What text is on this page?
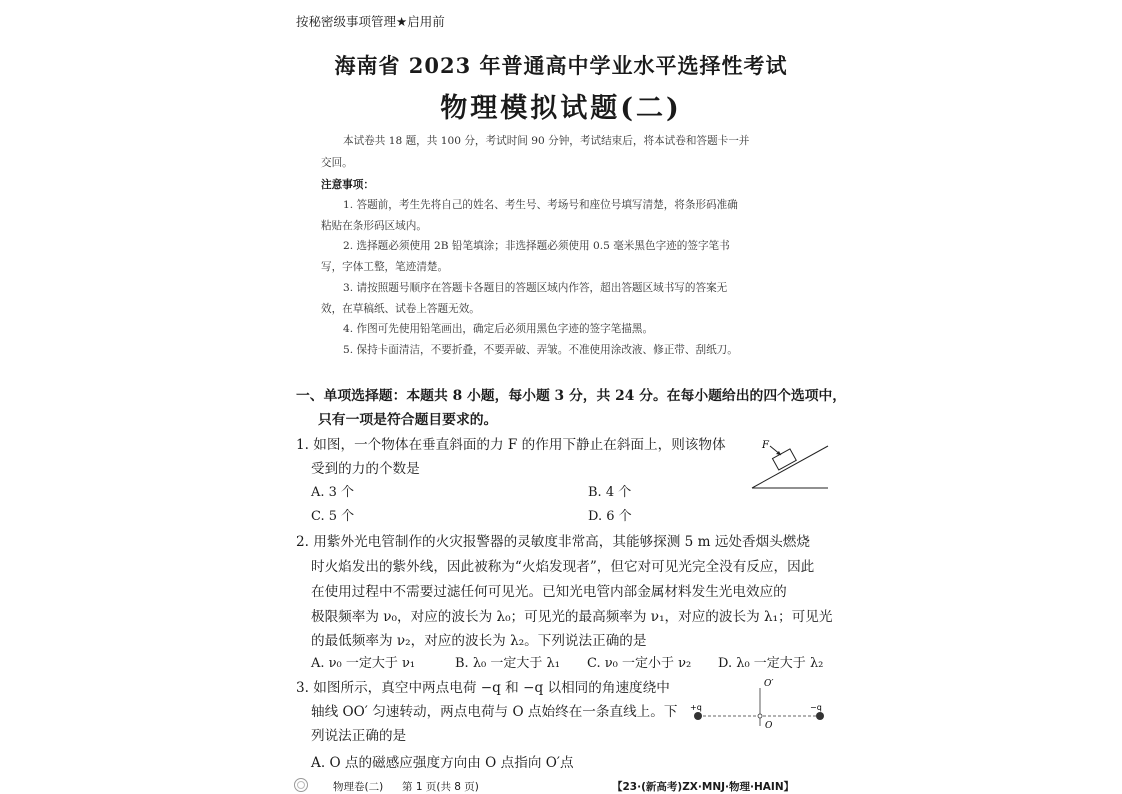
按秘密级事项管理★启用前
海南省 2023 年普通高中学业水平选择性考试
物理模拟试题(二)
本试卷共 18 题，共 100 分，考试时间 90 分钟，考试结束后，将本试卷和答题卡一并
交回。
注意事项：
1. 答题前，考生先将自己的姓名、考生号、考场号和座位号填写清楚，将条形码准确
粘贴在条形码区域内。
2. 选择题必须使用 2B 铅笔填涂；非选择题必须使用 0.5 毫米黑色字迹的签字笔书
写，字体工整，笔迹清楚。
3. 请按照题号顺序在答题卡各题目的答题区域内作答，超出答题区域书写的答案无
效，在草稿纸、试卷上答题无效。
4. 作图可先使用铅笔画出，确定后必须用黑色字迹的签字笔描黑。
5. 保持卡面清洁，不要折叠，不要弄破、弄皱。不准使用涂改液、修正带、刮纸刀。
一、单项选择题：本题共 8 小题，每小题 3 分，共 24 分。在每小题给出的四个选项中，
只有一项是符合题目要求的。
1. 如图，一个物体在垂直斜面的力 F 的作用下静止在斜面上，则该物体
受到的力的个数是
A. 3 个	B. 4 个
C. 5 个	D. 6 个
F
2. 用紫外光电管制作的火灾报警器的灵敏度非常高，其能够探测 5 m 远处香烟头燃烧
时火焰发出的紫外线，因此被称为“火焰发现者”，但它对可见光完全没有反应，因此
在使用过程中不需要过滤任何可见光。已知光电管内部金属材料发生光电效应的
极限频率为 ν₀，对应的波长为 λ₀；可见光的最高频率为 ν₁，对应的波长为 λ₁；可见光
的最低频率为 ν₂，对应的波长为 λ₂。下列说法正确的是
A. ν₀ 一定大于 ν₁	B. λ₀ 一定大于 λ₁ C. ν₀ 一定小于 ν₂ D. λ₀ 一定大于 λ₂
3. 如图所示，真空中两点电荷 −q 和 −q 以相同的角速度绕中
轴线 OO′ 匀速转动，两点电荷与 O 点始终在一条直线上。下
列说法正确的是
A. O 点的磁感应强度方向由 O 点指向 O′点
O′
O
+q	−q
物理卷(二) 第 1 页(共 8 页)	【23·(新高考)ZX·MNJ·物理·HAIN】
